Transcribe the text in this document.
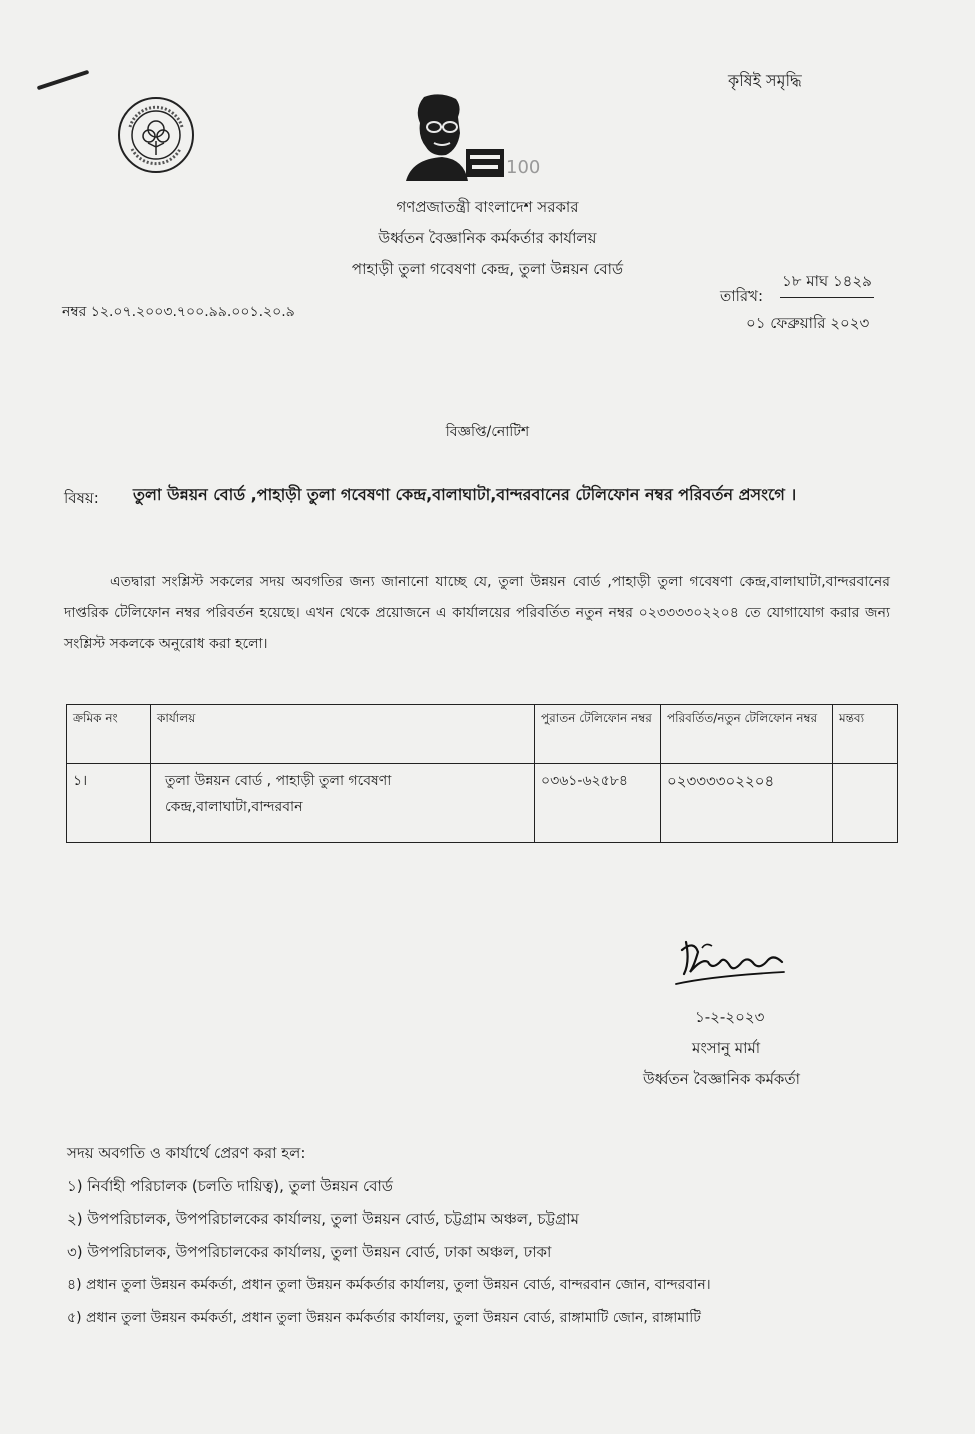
কৃষিই সমৃদ্ধি
100
গণপ্রজাতন্ত্রী বাংলাদেশ সরকার
উর্ধ্বতন বৈজ্ঞানিক কর্মকর্তার কার্যালয়
পাহাড়ী তুলা গবেষণা কেন্দ্র, তুলা উন্নয়ন বোর্ড
নম্বর ১২.০৭.২০০৩.৭০০.৯৯.০০১.২০.৯
তারিখ:
১৮ মাঘ ১৪২৯
০১ ফেব্রুয়ারি ২০২৩
বিজ্ঞপ্তি/নোটিশ
বিষয়: তুলা উন্নয়ন বোর্ড ,পাহাড়ী তুলা গবেষণা কেন্দ্র,বালাঘাটা,বান্দরবানের টেলিফোন নম্বর পরিবর্তন প্রসংগে ।
এতদ্বারা সংশ্লিস্ট সকলের সদয় অবগতির জন্য জানানো যাচ্ছে যে, তুলা উন্নয়ন বোর্ড ,পাহাড়ী তুলা গবেষণা কেন্দ্র,বালাঘাটা,বান্দরবানের দাপ্তরিক টেলিফোন নম্বর পরিবর্তন হয়েছে। এখন থেকে প্রয়োজনে এ কার্যালয়ের পরিবর্তিত নতুন নম্বর ০২৩৩৩৩০২২০৪ তে যোগাযোগ করার জন্য সংশ্লিস্ট সকলকে অনুরোধ করা হলো।
ক্রমিক নং	কার্যালয়	পুরাতন টেলিফোন নম্বর	পরিবর্তিত/নতুন টেলিফোন নম্বর	মন্তব্য
১।	তুলা উন্নয়ন বোর্ড , পাহাড়ী তুলা গবেষণা কেন্দ্র,বালাঘাটা,বান্দরবান	০৩৬১-৬২৫৮৪	০২৩৩৩৩০২২০৪	
১-২-২০২৩
মংসানু মার্মা
উর্ধ্বতন বৈজ্ঞানিক কর্মকর্তা
সদয় অবগতি ও কার্যার্থে প্রেরণ করা হল:
১) নির্বাহী পরিচালক (চলতি দায়িত্ব), তুলা উন্নয়ন বোর্ড
২) উপপরিচালক, উপপরিচালকের কার্যালয়, তুলা উন্নয়ন বোর্ড, চট্টগ্রাম অঞ্চল, চট্টগ্রাম
৩) উপপরিচালক, উপপরিচালকের কার্যালয়, তুলা উন্নয়ন বোর্ড, ঢাকা অঞ্চল, ঢাকা
৪) প্রধান তুলা উন্নয়ন কর্মকর্তা, প্রধান তুলা উন্নয়ন কর্মকর্তার কার্যালয়, তুলা উন্নয়ন বোর্ড, বান্দরবান জোন, বান্দরবান।
৫) প্রধান তুলা উন্নয়ন কর্মকর্তা, প্রধান তুলা উন্নয়ন কর্মকর্তার কার্যালয়, তুলা উন্নয়ন বোর্ড, রাঙ্গামাটি জোন, রাঙ্গামাটি
